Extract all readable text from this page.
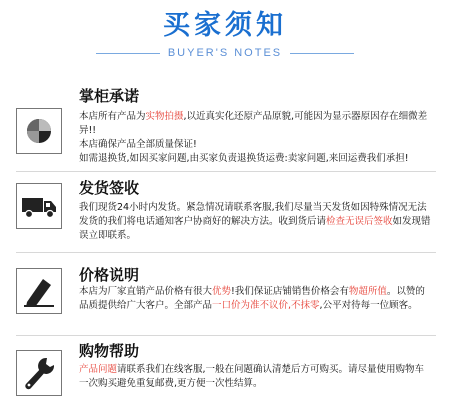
买家须知
BUYER'S NOTES
掌柜承诺

本店所有产品为实物拍摄,以近真实化还原产品原貌,可能因为显示器原因存在细微差异!!

本店确保产品全部质量保证!

如需退换货,如因买家问题,由买家负责退换货运费:卖家问题,来回运费我们承担!

发货签收

我们现货24小时内发货。紧急情况请联系客服,我们尽量当天发货如因特殊情况无法发货的我们将电话通知客户协商好的解决方法。收到货后请检查无误后签收如发现错误立即联系。

价格说明

本店为厂家直销产品价格有很大优势!我们保证店铺销售价格会有物超所值。以赞的品质提供给广大客户。全部产品一口价为准不议价,不抹零,公平对待每一位顾客。

购物帮助

产品问题请联系我们在线客服,一般在问题确认清楚后方可购买。请尽量使用购物车一次购买避免重复邮费,更方便一次性结算。
